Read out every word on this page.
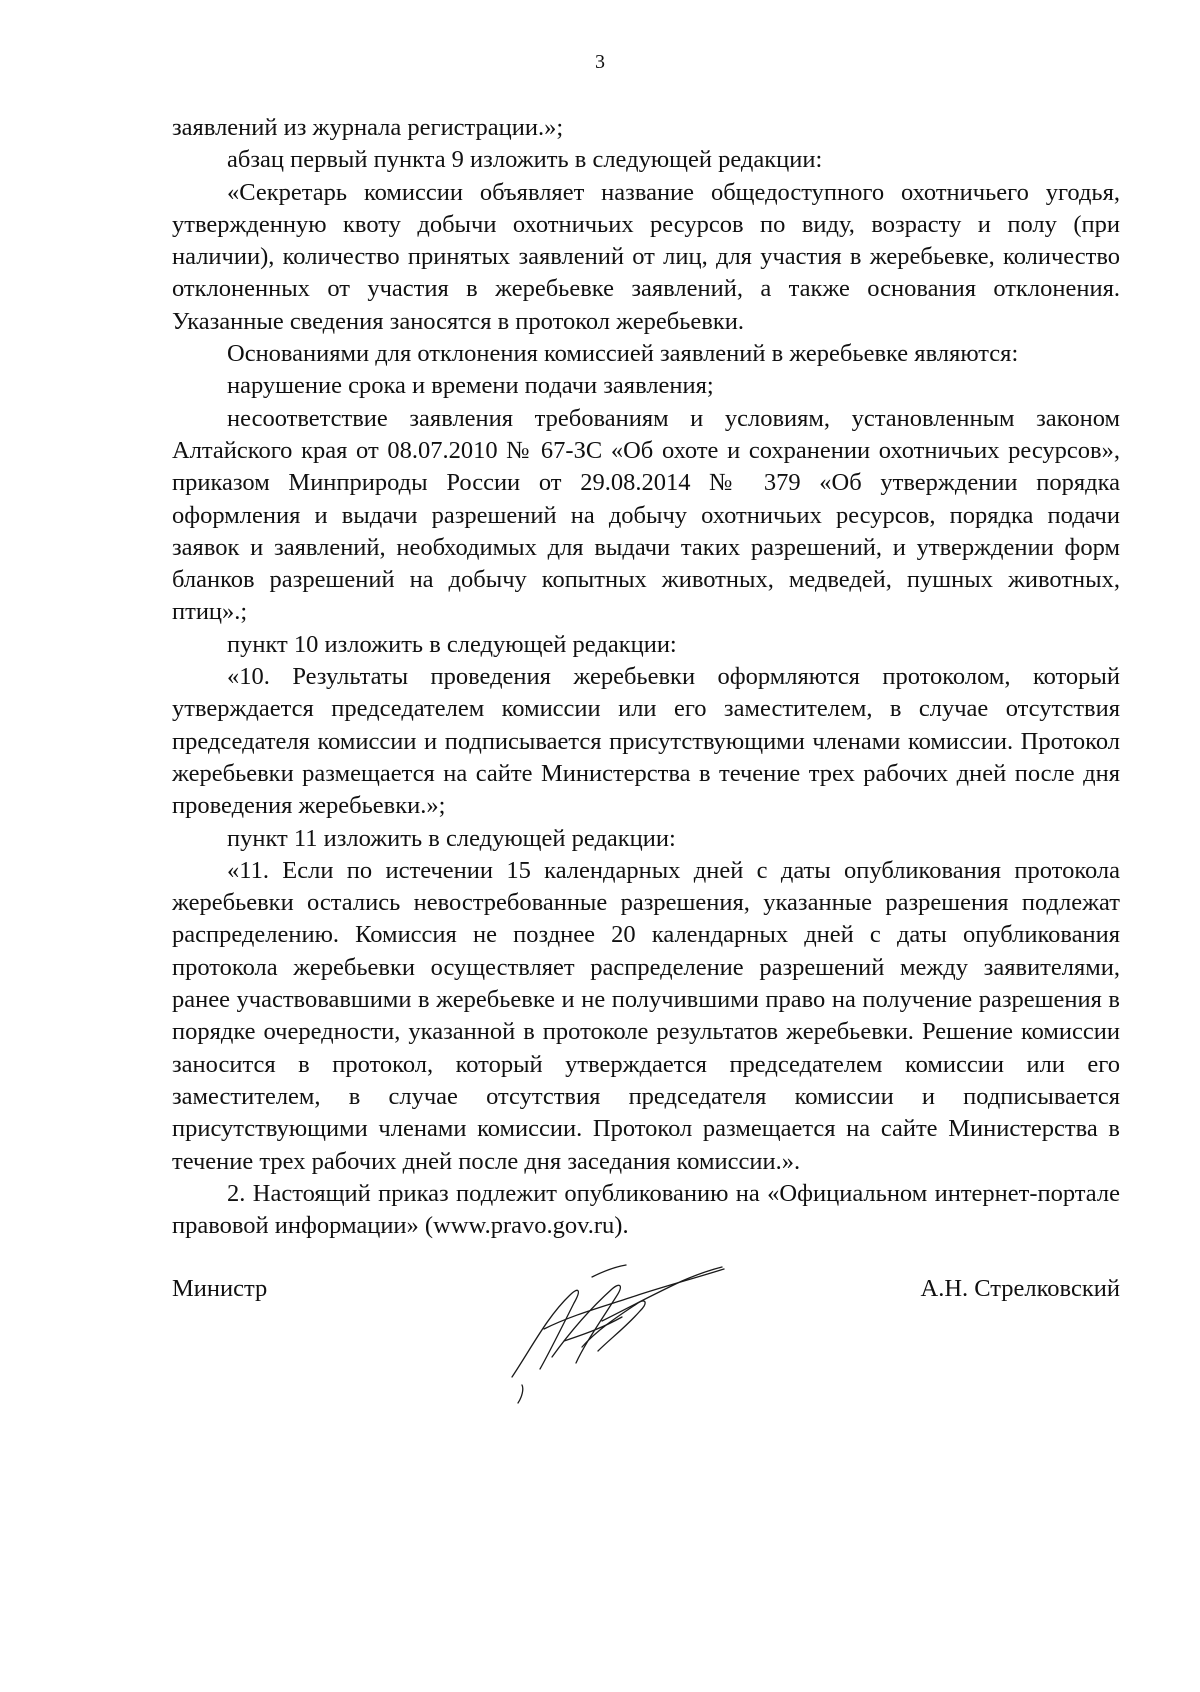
3

заявлений из журнала регистрации.»;

абзац первый пункта 9 изложить в следующей редакции:

«Секретарь комиссии объявляет название общедоступного охотничьего угодья, утвержденную квоту добычи охотничьих ресурсов по виду, возрасту и полу (при наличии), количество принятых заявлений от лиц, для участия в жеребьевке, количество отклоненных от участия в жеребьевке заявлений, а также основания отклонения. Указанные сведения заносятся в протокол жеребьевки.

Основаниями для отклонения комиссией заявлений в жеребьевке являются:

нарушение срока и времени подачи заявления;

несоответствие заявления требованиям и условиям, установленным законом Алтайского края от 08.07.2010 № 67-ЗС «Об охоте и сохранении охотничьих ресурсов», приказом Минприроды России от 29.08.2014 № 379 «Об утверждении порядка оформления и выдачи разрешений на добычу охотничьих ресурсов, порядка подачи заявок и заявлений, необходимых для выдачи таких разрешений, и утверждении форм бланков разрешений на добычу копытных животных, медведей, пушных животных, птиц».;

пункт 10 изложить в следующей редакции:

«10. Результаты проведения жеребьевки оформляются протоколом, который утверждается председателем комиссии или его заместителем, в случае отсутствия председателя комиссии и подписывается присутствующими членами комиссии. Протокол жеребьевки размещается на сайте Министерства в течение трех рабочих дней после дня проведения жеребьевки.»;

пункт 11 изложить в следующей редакции:

«11. Если по истечении 15 календарных дней с даты опубликования протокола жеребьевки остались невостребованные разрешения, указанные разрешения подлежат распределению. Комиссия не позднее 20 календарных дней с даты опубликования протокола жеребьевки осуществляет распределение разрешений между заявителями, ранее участвовавшими в жеребьевке и не получившими право на получение разрешения в порядке очередности, указанной в протоколе результатов жеребьевки. Решение комиссии заносится в протокол, который утверждается председателем комиссии или его заместителем, в случае отсутствия председателя комиссии и подписывается присутствующими членами комиссии. Протокол размещается на сайте Министерства в течение трех рабочих дней после дня заседания комиссии.».

2. Настоящий приказ подлежит опубликованию на «Официальном интернет-портале правовой информации» (www.pravo.gov.ru).

Министр	А.Н. Стрелковский
